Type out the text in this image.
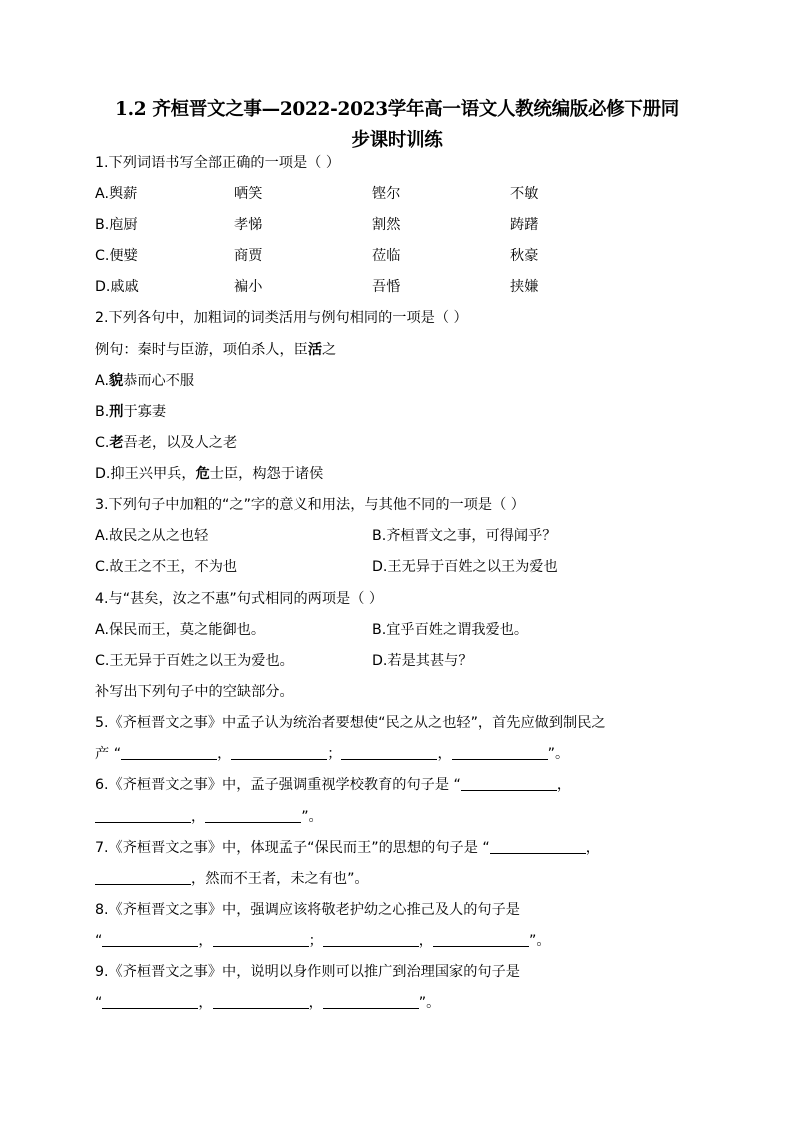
1.2 齐桓晋文之事—2022-2023学年高一语文人教统编版必修下册同
步课时训练
1.下列词语书写全部正确的一项是（ ）
A.舆薪	哂笑	铿尔	不敏
B.庖厨	孝悌	割然	踌躇
C.便嬖	商贾	莅临	秋豪
D.戚戚	褊小	吾惛	挟嫌
2.下列各句中，加粗词的词类活用与例句相同的一项是（ ）
例句：秦时与臣游，项伯杀人，臣活之
A.貌恭而心不服
B.刑于寡妻
C.老吾老，以及人之老
D.抑王兴甲兵，危士臣，构怨于诸侯
3.下列句子中加粗的“之”字的意义和用法，与其他不同的一项是（ ）
A.故民之从之也轻	B.齐桓晋文之事，可得闻乎？
C.故王之不王，不为也	D.王无异于百姓之以王为爱也
4.与“甚矣，汝之不惠”句式相同的两项是（ ）
A.保民而王，莫之能御也。	B.宜乎百姓之谓我爱也。
C.王无异于百姓之以王为爱也。	D.若是其甚与？
补写出下列句子中的空缺部分。
5.《齐桓晋文之事》中孟子认为统治者要想使“民之从之也轻”，首先应做到制民之
产 “	，	；	，	”。
6.《齐桓晋文之事》中，孟子强调重视学校教育的句子是 “	，
，	”。
7.《齐桓晋文之事》中，体现孟子“保民而王”的思想的句子是 “	，
，然而不王者，未之有也”。
8.《齐桓晋文之事》中，强调应该将敬老护幼之心推己及人的句子是
“	，	；	，	”。
9.《齐桓晋文之事》中，说明以身作则可以推广到治理国家的句子是
“	，	，	”。
